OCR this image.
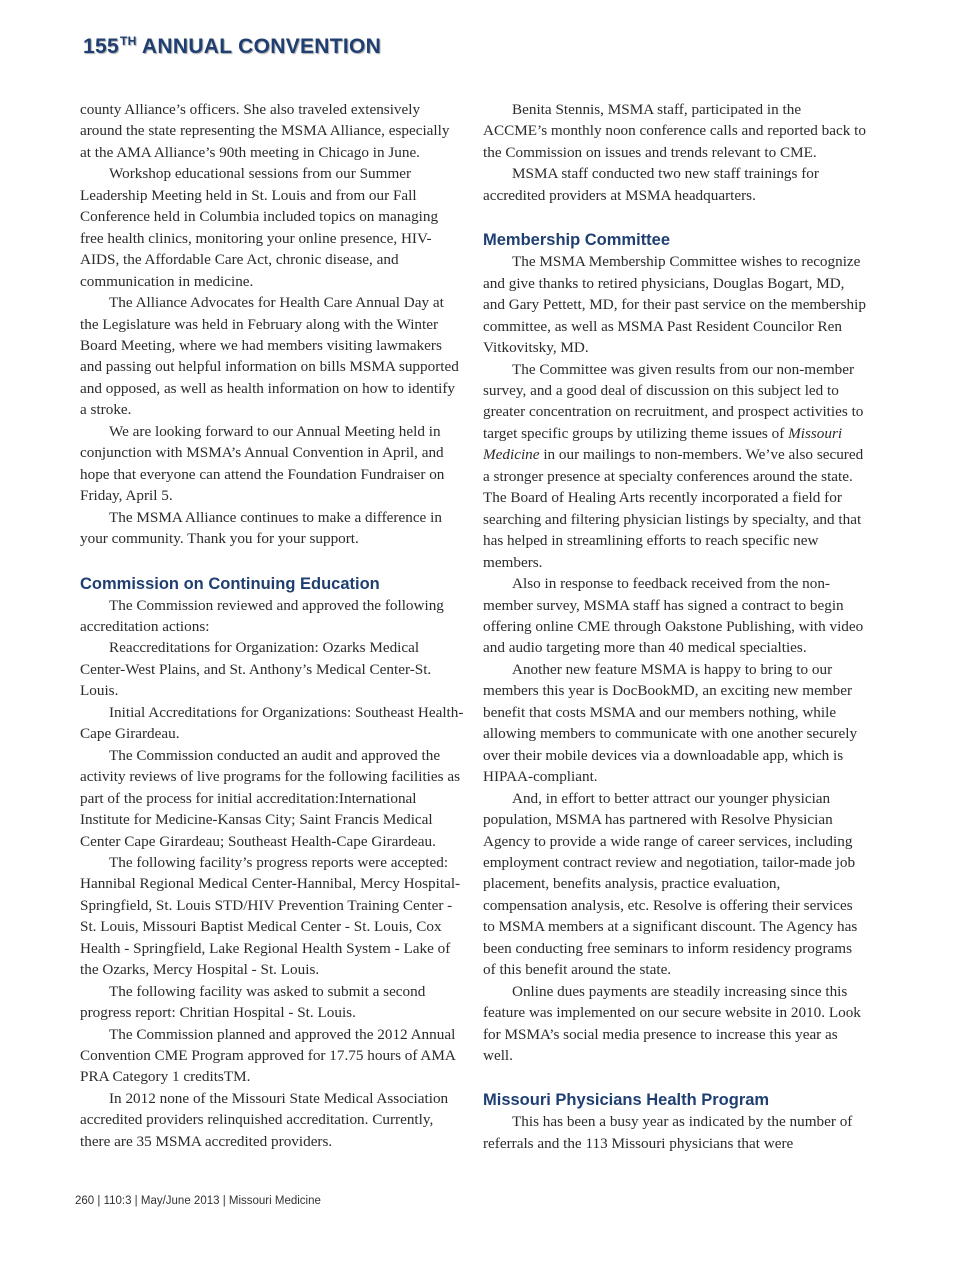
155TH ANNUAL CONVENTION

county Alliance’s officers. She also traveled extensively around the state representing the MSMA Alliance, especially at the AMA Alliance’s 90th meeting in Chicago in June.

Workshop educational sessions from our Summer Leadership Meeting held in St. Louis and from our Fall Conference held in Columbia included topics on managing free health clinics, monitoring your online presence, HIV-AIDS, the Affordable Care Act, chronic disease, and communication in medicine.

The Alliance Advocates for Health Care Annual Day at the Legislature was held in February along with the Winter Board Meeting, where we had members visiting lawmakers and passing out helpful information on bills MSMA supported and opposed, as well as health information on how to identify a stroke.

We are looking forward to our Annual Meeting held in conjunction with MSMA’s Annual Convention in April, and hope that everyone can attend the Foundation Fundraiser on Friday, April 5.

The MSMA Alliance continues to make a difference in your community. Thank you for your support.

Commission on Continuing Education

The Commission reviewed and approved the following accreditation actions:

Reaccreditations for Organization: Ozarks Medical Center-West Plains, and St. Anthony’s Medical Center-St. Louis.

Initial Accreditations for Organizations: Southeast Health-Cape Girardeau.

The Commission conducted an audit and approved the activity reviews of live programs for the following facilities as part of the process for initial accreditation:International Institute for Medicine-Kansas City; Saint Francis Medical Center Cape Girardeau; Southeast Health-Cape Girardeau.

The following facility’s progress reports were accepted: Hannibal Regional Medical Center-Hannibal, Mercy Hospital-Springfield, St. Louis STD/HIV Prevention Training Center - St. Louis, Missouri Baptist Medical Center - St. Louis, Cox Health - Springfield, Lake Regional Health System - Lake of the Ozarks, Mercy Hospital - St. Louis.

The following facility was asked to submit a second progress report: Chritian Hospital - St. Louis.

The Commission planned and approved the 2012 Annual Convention CME Program approved for 17.75 hours of AMA PRA Category 1 creditsTM.

In 2012 none of the Missouri State Medical Association accredited providers relinquished accreditation. Currently, there are 35 MSMA accredited providers.

Benita Stennis, MSMA staff, participated in the ACCME’s monthly noon conference calls and reported back to the Commission on issues and trends relevant to CME.

MSMA staff conducted two new staff trainings for accredited providers at MSMA headquarters.

Membership Committee

The MSMA Membership Committee wishes to recognize and give thanks to retired physicians, Douglas Bogart, MD, and Gary Pettett, MD, for their past service on the membership committee, as well as MSMA Past Resident Councilor Ren Vitkovitsky, MD.

The Committee was given results from our non-member survey, and a good deal of discussion on this subject led to greater concentration on recruitment, and prospect activities to target specific groups by utilizing theme issues of Missouri Medicine in our mailings to non-members. We’ve also secured a stronger presence at specialty conferences around the state. The Board of Healing Arts recently incorporated a field for searching and filtering physician listings by specialty, and that has helped in streamlining efforts to reach specific new members.

Also in response to feedback received from the non-member survey, MSMA staff has signed a contract to begin offering online CME through Oakstone Publishing, with video and audio targeting more than 40 medical specialties.

Another new feature MSMA is happy to bring to our members this year is DocBookMD, an exciting new member benefit that costs MSMA and our members nothing, while allowing members to communicate with one another securely over their mobile devices via a downloadable app, which is HIPAA-compliant.

And, in effort to better attract our younger physician population, MSMA has partnered with Resolve Physician Agency to provide a wide range of career services, including employment contract review and negotiation, tailor-made job placement, benefits analysis, practice evaluation, compensation analysis, etc. Resolve is offering their services to MSMA members at a significant discount. The Agency has been conducting free seminars to inform residency programs of this benefit around the state.

Online dues payments are steadily increasing since this feature was implemented on our secure website in 2010. Look for MSMA’s social media presence to increase this year as well.

Missouri Physicians Health Program

This has been a busy year as indicated by the number of referrals and the 113 Missouri physicians that were

260 | 110:3 | May/June 2013 | Missouri Medicine
